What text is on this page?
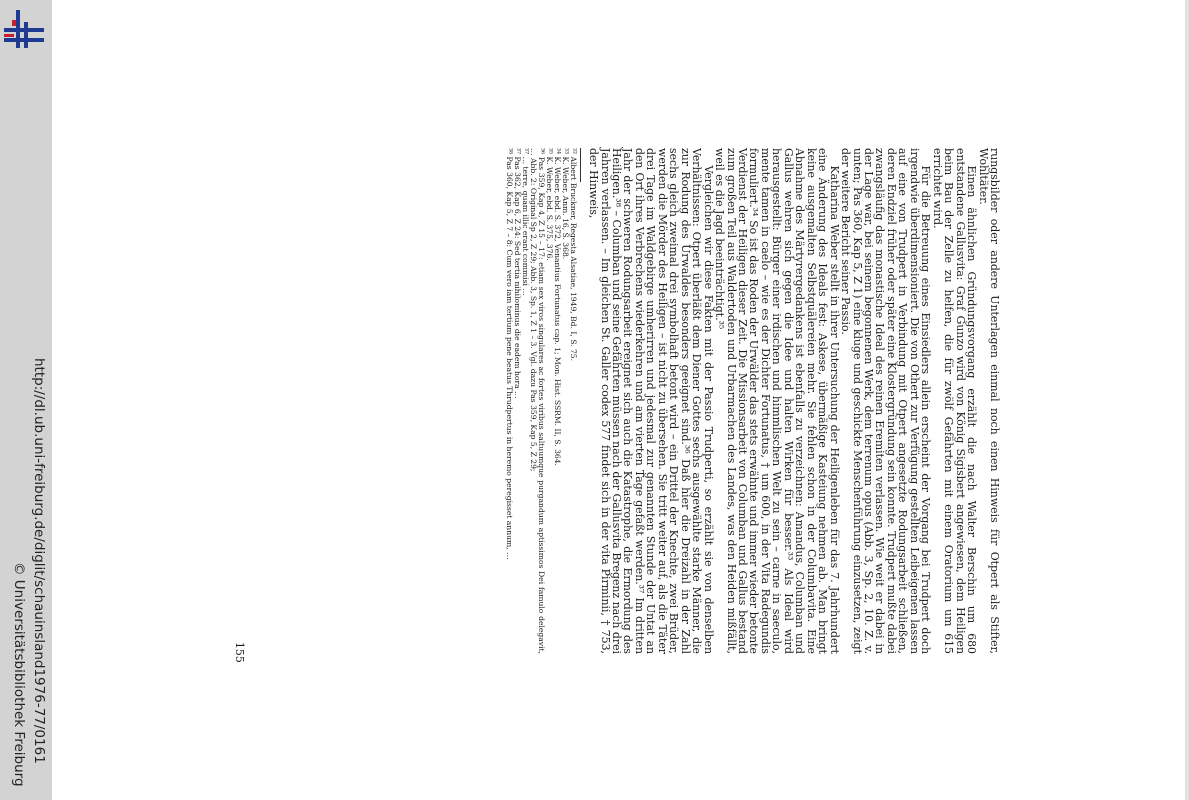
http://dl.ub.uni-freiburg.de/diglit/schauinsland1976-77/0161
© Universitätsbibliothek Freiburg

rungsbilder oder andere Unterlagen einmal noch einen Hinweis für Otpert als Stifter, Wohltäter.

Einen ähnlichen Gründungsvorgang erzählt die nach Walter Berschin um 680 entstandene Gallusvita: Graf Gunzo wird von König Sigisbert angewiesen, dem Heiligen beim Bau der Zelle zu helfen, die für zwölf Gefährten mit einem Oratorium um 615 errichtet wird.

Für die Betreuung eines Einsiedlers allein erscheint der Vorgang bei Trudpert doch irgendwie überdimensioniert. Die von Othert zur Verfügung gestellten Leibeigenen lassen auf eine von Trudpert in Verbindung mit Otpert angesetzte Rodungsarbeit schließen, deren Endziel früher oder später eine Klostergründung sein konnte. Trudpert mußte dabei zwangsläufig das monastische Ideal des reinen Eremiten verlassen. Wie weit er dabei in der Lage war, bei seinem begonnenen Werk, dem terrenum opus (Abb. 3, Sp. 2, 10. Z. v. unten; Pas 360, Kap 5, Z 1) eine kluge und geschickte Menschenführung einzusetzen, zeigt der weitere Bericht seiner Passio.

Katharina Weber stellt in ihrer Untersuchung der Heiligenleben für das 7. Jahrhundert eine Änderung des Ideals fest: Askese, übermäßige Kasteiung nehmen ab. Man bringt keine ausgemalten Selbstquälereien mehr. Sie fehlen schon in der Columbavita. Eine Abnahme des Märtyrergedankens ist ebenfalls zu verzeichnen: Amandus, Columban und Gallus wehren sich gegen die Idee und halten Wirken für besser.³³ Als Ideal wird herausgestellt: Bürger einer irdischen und himmlischen Welt zu sein – carne in saeculo, mente tamen in caelo – wie es der Dichter Fortunatus, † um 600, in der Vita Radegundis formuliert.³⁴ So ist das Roden der Urwälder das stets erwähnte und immer wieder betonte Verdienst der Heiligen dieser Zeit. Die Missionsarbeit von Columban und Gallus bestand zum großen Teil aus Waldertoden und Urbarmachen des Landes, was den Heiden mißfällt, weil es die Jagd beeinträchtigt.³⁵

Vergleichen wir diese Fakten mit der Passio Trudperti, so erzählt sie von denselben Verhältnissen: Otpert überläßt dem Diener Gottes sechs ausgewählte starke Männer, die zur Rodung des Urwaldes besonders geeignet sind.³⁶ Daß hier die Dreizahl in der Zahl sechs gleich zweimal drei symbolhaft betont wird – ein Drittel der Knechte, zwei Brüder, werden die Mörder des Heiligen – ist nicht zu übersehen. Sie tritt weiter auf, als die Täter drei Tage im Waldgebirge umherirren und jedesmal zur genannten Stunde der Untat an den Ort ihres Verbrechens wiederkehren und am vierten Tage gefaßt werden.³⁷ Im dritten Jahr der schweren Rodungsarbeit ereignet sich auch die Katastrophe, die Ermordung des Heiligen.³⁸ – Columban und seine Gefährten müssen nach der Gallusvita Bregenz nach drei Jahren verlassen. – Im gleichen St. Galler codex 577 findet sich in der vita Pirminii, † 753, der Hinweis,

³² Albert Bruckner, Regesta Alsatiae, 1949, Bd. I, S. 75.

³³ K. Weber, Anm. 16, S. 368.

³⁴ K. Weber, ebd. S. 372, Venantius Fortunatus cap. 1; Mon. Hist. SSRM. II, S. 364.

³⁵ K. Weber, ebd. S. 375, 376.

³⁶ Pas 359, Kap 4, Z 15 – 17: etiam sex viros singulares ac fortes viribus saltuumque purgandum aptissimos Dei famulo delegavit, … Abb. 2: Original Sp 2, Z 29; Abb. 3, Sp. 1, Z 1 – 3. Vgl. dazu Pas 359, Kap 5, Z 29;

³⁷ … terre, quam illic erant commisi …

³⁷ Pas 362, Kap 6, Z 24: Sed tertia nihilominus die eadem hora …

³⁸ Pas 360, Kap 5, Z 7 – 8: Cum vero iam tertium pene beatus Thrudpertus in heremo peregisset annum, …

155
